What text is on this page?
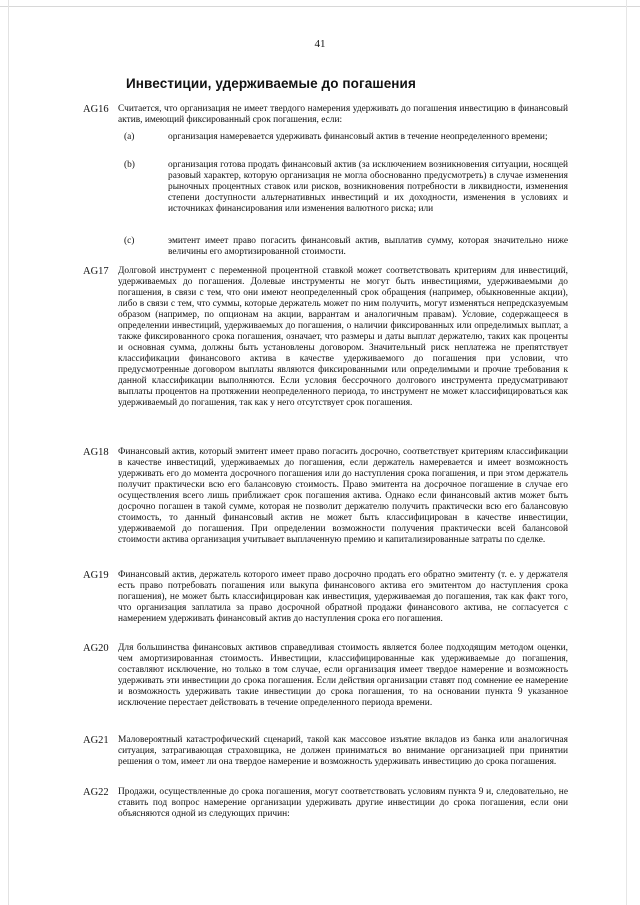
41
Инвестиции, удерживаемые до погашения
AG16 Считается, что организация не имеет твердого намерения удерживать до погашения инвестицию в финансовый актив, имеющий фиксированный срок погашения, если:
(a)	организация намеревается удерживать финансовый актив в течение неопределенного времени;
(b)	организация готова продать финансовый актив (за исключением возникновения ситуации, носящей разовый характер, которую организация не могла обоснованно предусмотреть) в случае изменения рыночных процентных ставок или рисков, возникновения потребности в ликвидности, изменения степени доступности альтернативных инвестиций и их доходности, изменения в условиях и источниках финансирования или изменения валютного риска; или
(c)	эмитент имеет право погасить финансовый актив, выплатив сумму, которая значительно ниже величины его амортизированной стоимости.
AG17 Долговой инструмент с переменной процентной ставкой может соответствовать критериям для инвестиций, удерживаемых до погашения. Долевые инструменты не могут быть инвестициями, удерживаемыми до погашения, в связи с тем, что они имеют неопределенный срок обращения (например, обыкновенные акции), либо в связи с тем, что суммы, которые держатель может по ним получить, могут изменяться непредсказуемым образом (например, по опционам на акции, варрантам и аналогичным правам). Условие, содержащееся в определении инвестиций, удерживаемых до погашения, о наличии фиксированных или определимых выплат, а также фиксированного срока погашения, означает, что размеры и даты выплат держателю, таких как проценты и основная сумма, должны быть установлены договором. Значительный риск неплатежа не препятствует классификации финансового актива в качестве удерживаемого до погашения при условии, что предусмотренные договором выплаты являются фиксированными или определимыми и прочие требования к данной классификации выполняются. Если условия бессрочного долгового инструмента предусматривают выплаты процентов на протяжении неопределенного периода, то инструмент не может классифицироваться как удерживаемый до погашения, так как у него отсутствует срок погашения.
AG18 Финансовый актив, который эмитент имеет право погасить досрочно, соответствует критериям классификации в качестве инвестиций, удерживаемых до погашения, если держатель намеревается и имеет возможность удерживать его до момента досрочного погашения или до наступления срока погашения, и при этом держатель получит практически всю его балансовую стоимость. Право эмитента на досрочное погашение в случае его осуществления всего лишь приближает срок погашения актива. Однако если финансовый актив может быть досрочно погашен в такой сумме, которая не позволит держателю получить практически всю его балансовую стоимость, то данный финансовый актив не может быть классифицирован в качестве инвестиции, удерживаемой до погашения. При определении возможности получения практически всей балансовой стоимости актива организация учитывает выплаченную премию и капитализированные затраты по сделке.
AG19 Финансовый актив, держатель которого имеет право досрочно продать его обратно эмитенту (т. е. у держателя есть право потребовать погашения или выкупа финансового актива его эмитентом до наступления срока погашения), не может быть классифицирован как инвестиция, удерживаемая до погашения, так как факт того, что организация заплатила за право досрочной обратной продажи финансового актива, не согласуется с намерением удерживать финансовый актив до наступления срока его погашения.
AG20 Для большинства финансовых активов справедливая стоимость является более подходящим методом оценки, чем амортизированная стоимость. Инвестиции, классифицированные как удерживаемые до погашения, составляют исключение, но только в том случае, если организация имеет твердое намерение и возможность удерживать эти инвестиции до срока погашения. Если действия организации ставят под сомнение ее намерение и возможность удерживать такие инвестиции до срока погашения, то на основании пункта 9 указанное исключение перестает действовать в течение определенного периода времени.
AG21 Маловероятный катастрофический сценарий, такой как массовое изъятие вкладов из банка или аналогичная ситуация, затрагивающая страховщика, не должен приниматься во внимание организацией при принятии решения о том, имеет ли она твердое намерение и возможность удерживать инвестицию до срока погашения.
AG22 Продажи, осуществленные до срока погашения, могут соответствовать условиям пункта 9 и, следовательно, не ставить под вопрос намерение организации удерживать другие инвестиции до срока погашения, если они объясняются одной из следующих причин:
